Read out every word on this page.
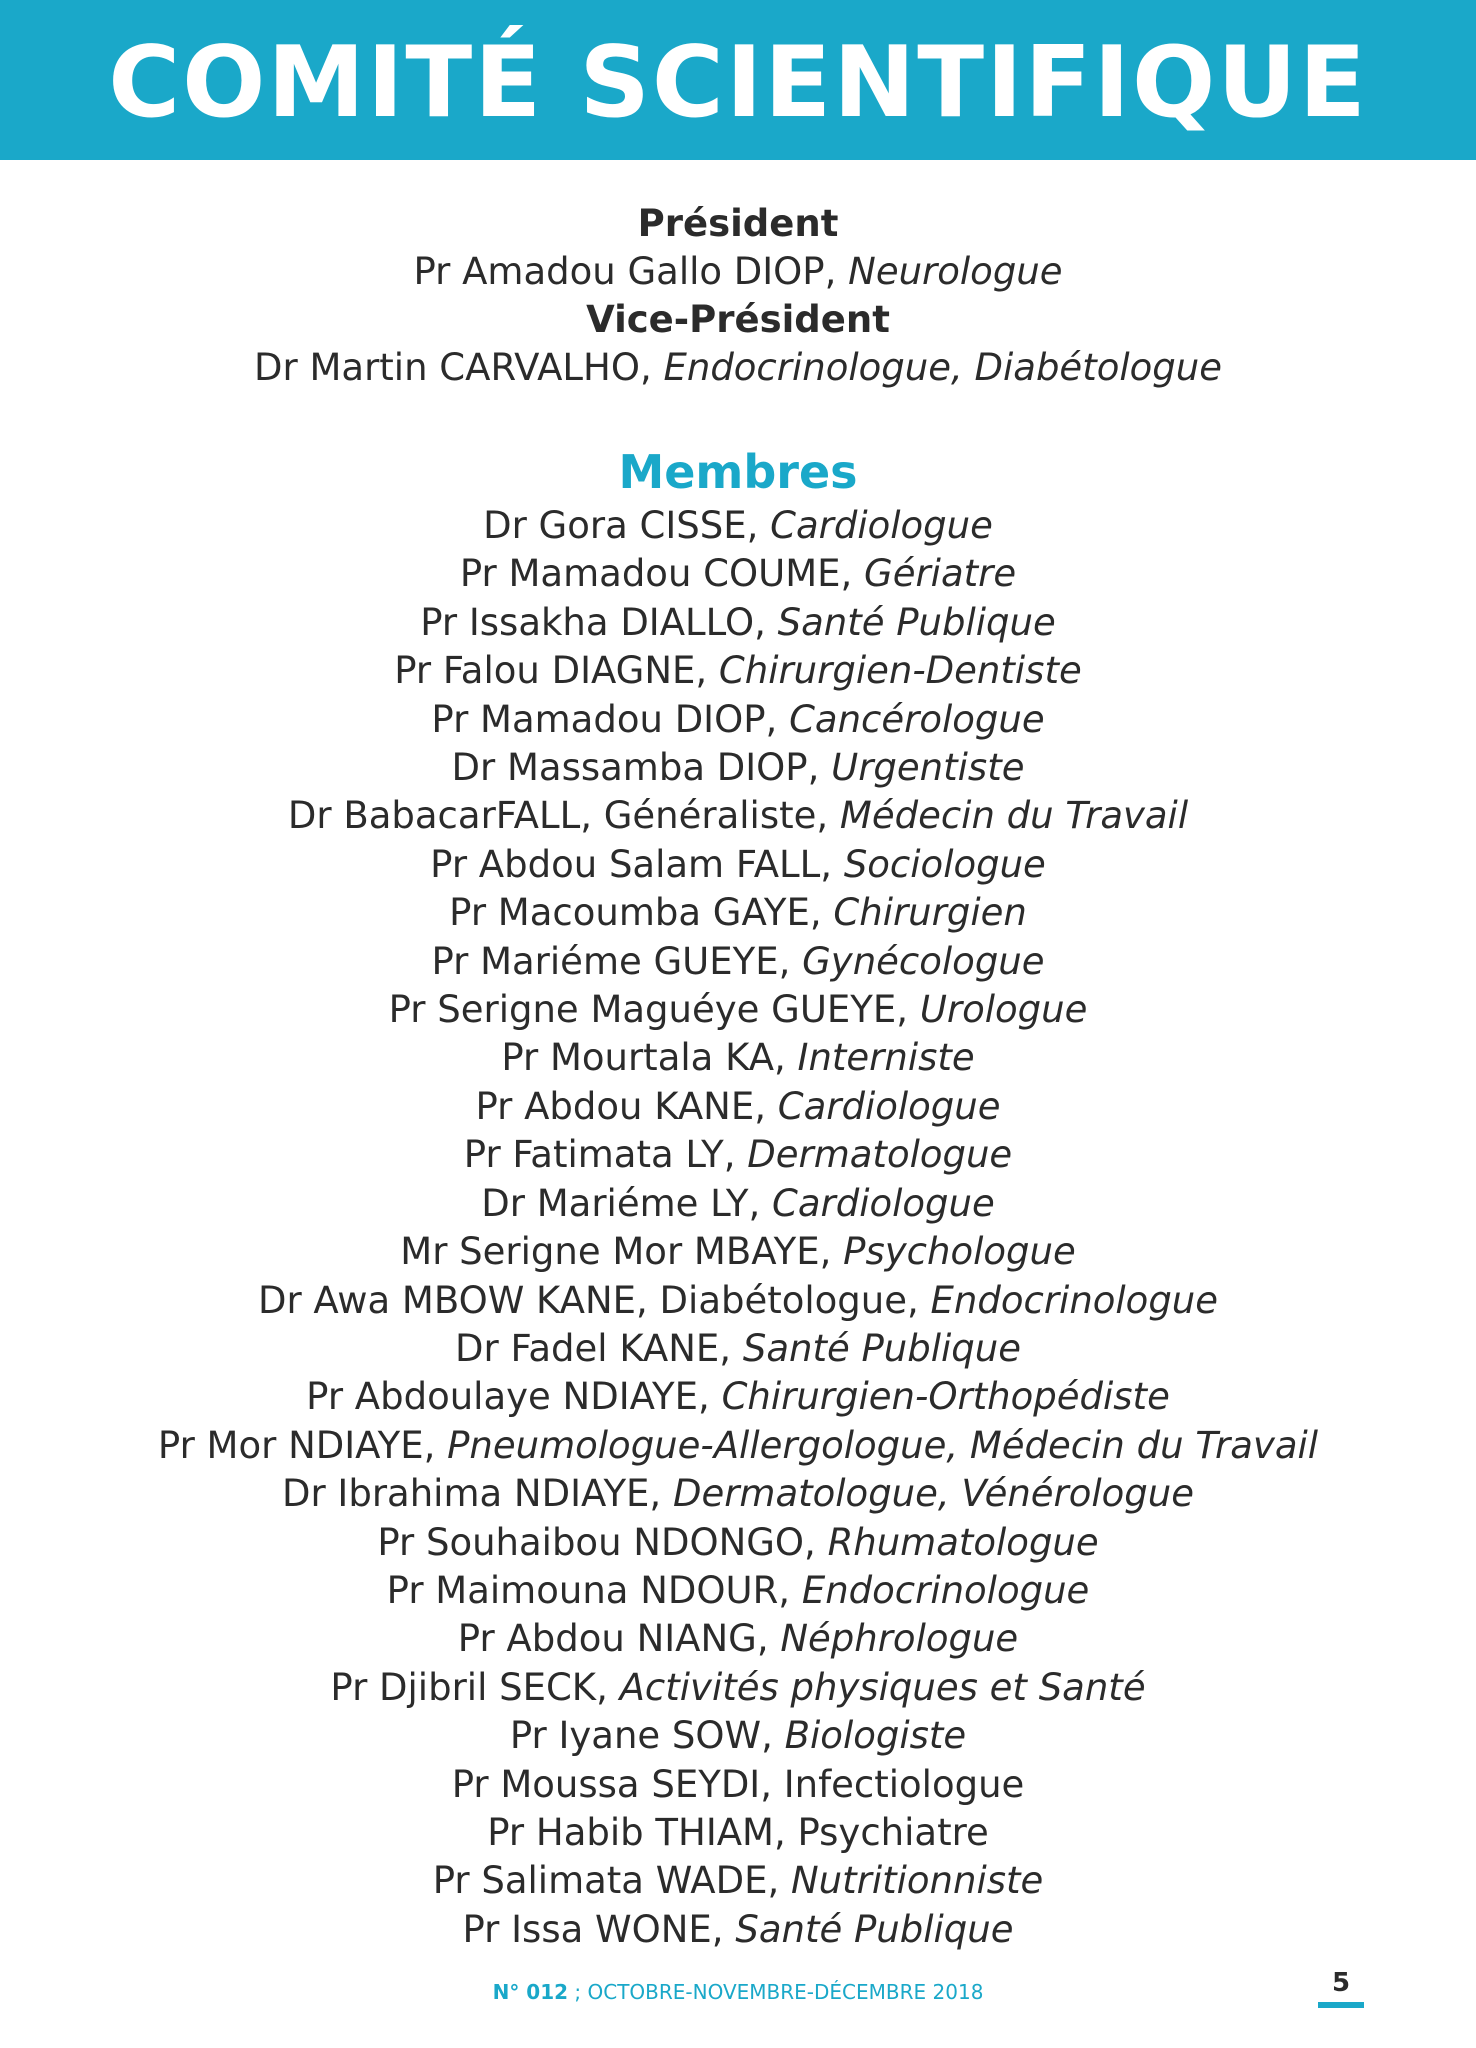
COMITÉ SCIENTIFIQUE
Président
Pr Amadou Gallo DIOP, Neurologue
Vice-Président
Dr Martin CARVALHO, Endocrinologue, Diabétologue
Membres
Dr Gora CISSE, Cardiologue
Pr Mamadou COUME, Gériatre
Pr Issakha DIALLO, Santé Publique
Pr Falou DIAGNE, Chirurgien-Dentiste
Pr Mamadou DIOP, Cancérologue
Dr Massamba DIOP, Urgentiste
Dr BabacarFALL, Généraliste, Médecin du Travail
Pr Abdou Salam FALL, Sociologue
Pr Macoumba GAYE, Chirurgien
Pr Mariéme GUEYE, Gynécologue
Pr Serigne Maguéye GUEYE, Urologue
Pr Mourtala KA, Interniste
Pr Abdou KANE, Cardiologue
Pr Fatimata LY, Dermatologue
Dr Mariéme LY, Cardiologue
Mr Serigne Mor MBAYE, Psychologue
Dr Awa MBOW KANE, Diabétologue, Endocrinologue
Dr Fadel KANE, Santé Publique
Pr Abdoulaye NDIAYE, Chirurgien-Orthopédiste
Pr Mor NDIAYE, Pneumologue-Allergologue, Médecin du Travail
Dr Ibrahima NDIAYE, Dermatologue, Vénérologue
Pr Souhaibou NDONGO, Rhumatologue
Pr Maimouna NDOUR, Endocrinologue
Pr Abdou NIANG, Néphrologue
Pr Djibril SECK, Activités physiques et Santé
Pr Iyane SOW, Biologiste
Pr Moussa SEYDI, Infectiologue
Pr Habib THIAM, Psychiatre
Pr Salimata WADE, Nutritionniste
Pr Issa WONE, Santé Publique
N° 012 ; OCTOBRE-NOVEMBRE-DÉCEMBRE 2018	5
